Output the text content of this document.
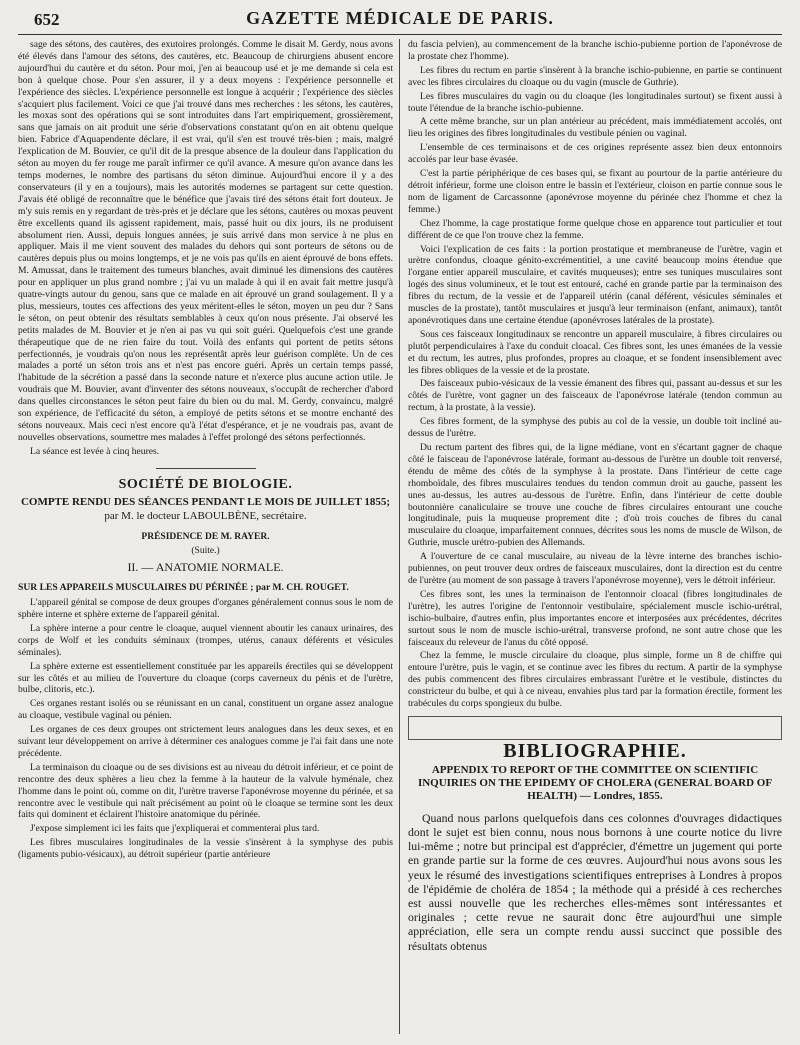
652	GAZETTE MÉDICALE DE PARIS.

sage des sétons, des cautères, des exutoires prolongés. Comme le disait M. Gerdy, nous avons été élevés dans l'amour des sétons, des cautères, etc. Beaucoup de chirurgiens abusent encore aujourd'hui du cautère et du séton. Pour moi, j'en ai beaucoup usé et je me demande si cela est bon à quelque chose. Pour s'en assurer, il y a deux moyens : l'expérience personnelle et l'expérience des siècles. L'expérience personnelle est longue à acquérir ; l'expérience des siècles s'acquiert plus facilement. Voici ce que j'ai trouvé dans mes recherches : les sétons, les cautères, les moxas sont des opérations qui se sont introduites dans l'art empiriquement, grossièrement, sans que jamais on ait produit une série d'observations constatant qu'on en ait obtenu quelque bien. Fabrice d'Aquapendente déclare, il est vrai, qu'il s'en est trouvé très-bien ; mais, malgré l'explication de M. Bouvier, ce qu'il dit de la presque absence de la douleur dans l'application du séton au moyen du fer rouge me paraît infirmer ce qu'il avance. A mesure qu'on avance dans les temps modernes, le nombre des partisans du séton diminue. Aujourd'hui encore il y a des conservateurs (il y en a toujours), mais les autorités modernes se partagent sur cette question. J'avais été obligé de reconnaître que le bénéfice que j'avais tiré des sétons était fort douteux. Je m'y suis remis en y regardant de très-près et je déclare que les sétons, cautères ou moxas peuvent être excellents quand ils agissent rapidement, mais, passé huit ou dix jours, ils ne produisent absolument rien. Aussi, depuis longues années, je suis arrivé dans mon service à ne plus en appliquer. Mais il me vient souvent des malades du dehors qui sont porteurs de sétons ou de cautères depuis plus ou moins longtemps, et je ne vois pas qu'ils en aient éprouvé de bons effets. M. Amussat, dans le traitement des tumeurs blanches, avait diminué les dimensions des cautères pour en appliquer un plus grand nombre ; j'ai vu un malade à qui il en avait fait mettre jusqu'à quatre-vingts autour du genou, sans que ce malade en ait éprouvé un grand soulagement. Il y a plus, messieurs, toutes ces affections des yeux méritent-elles le séton, moyen un peu dur ? Sans le séton, on peut obtenir des résultats semblables à ceux qu'on nous présente. J'ai observé les petits malades de M. Bouvier et je n'en ai pas vu qui soit guéri. Quelquefois c'est une grande thérapeutique que de ne rien faire du tout. Voilà des enfants qui portent de petits sétons perfectionnés, je voudrais qu'on nous les représentât après leur guérison complète. Un de ces malades a porté un séton trois ans et n'est pas encore guéri. Après un certain temps passé, l'habitude de la sécrétion a passé dans la seconde nature et n'exerce plus aucune action utile. Je voudrais que M. Bouvier, avant d'inventer des sétons nouveaux, s'occupât de rechercher d'abord dans quelles circonstances le séton peut faire du bien ou du mal. M. Gerdy, convaincu, malgré son expérience, de l'efficacité du séton, a employé de petits sétons et se montre enchanté des sétons nouveaux. Mais ceci n'est encore qu'à l'état d'espérance, et je ne voudrais pas, avant de nouvelles observations, soumettre mes malades à l'effet prolongé des sétons perfectionnés.

La séance est levée à cinq heures.

SOCIÉTÉ DE BIOLOGIE.
COMPTE RENDU DES SÉANCES PENDANT LE MOIS DE JUILLET 1855;
par M. le docteur LABOULBÈNE, secrétaire.
PRÉSIDENCE DE M. RAYER.
(Suite.)
II. — ANATOMIE NORMALE.
SUR LES APPAREILS MUSCULAIRES DU PÉRINÉE ; par M. CH. ROUGET.

L'appareil génital se compose de deux groupes d'organes généralement connus sous le nom de sphère interne et sphère externe de l'appareil génital.

La sphère interne a pour centre le cloaque, auquel viennent aboutir les canaux urinaires, des corps de Wolf et les conduits séminaux (trompes, utérus, canaux déférents et vésicules séminales).

La sphère externe est essentiellement constituée par les appareils érectiles qui se développent sur les côtés et au milieu de l'ouverture du cloaque (corps caverneux du pénis et de l'urètre, bulbe, clitoris, etc.).

Ces organes restant isolés ou se réunissant en un canal, constituent un organe assez analogue au cloaque, vestibule vaginal ou pénien.

Les organes de ces deux groupes ont strictement leurs analogues dans les deux sexes, et en suivant leur développement on arrive à déterminer ces analogues comme je l'ai fait dans une note précédente.

La terminaison du cloaque ou de ses divisions est au niveau du détroit inférieur, et ce point de rencontre des deux sphères a lieu chez la femme à la hauteur de la valvule hyménale, chez l'homme dans le point où, comme on dit, l'urètre traverse l'aponévrose moyenne du périnée, et sa rencontre avec le vestibule qui naît précisément au point où le cloaque se termine sont les deux faits qui dominent et éclairent l'histoire anatomique du périnée.

J'expose simplement ici les faits que j'expliquerai et commenterai plus tard.

Les fibres musculaires longitudinales de la vessie s'insèrent à la symphyse des pubis (ligaments pubio-vésicaux), au détroit supérieur (partie antérieure

du fascia pelvien), au commencement de la branche ischio-pubienne portion de l'aponévrose de la prostate chez l'homme).

Les fibres du rectum en partie s'insèrent à la branche ischio-pubienne, en partie se continuent avec les fibres circulaires du cloaque ou du vagin (muscle de Guthrie).

Les fibres musculaires du vagin ou du cloaque (les longitudinales surtout) se fixent aussi à toute l'étendue de la branche ischio-pubienne.

A cette même branche, sur un plan antérieur au précédent, mais immédiatement accolés, ont lieu les origines des fibres longitudinales du vestibule pénien ou vaginal.

L'ensemble de ces terminaisons et de ces origines représente assez bien deux entonnoirs accolés par leur base évasée.

C'est la partie périphérique de ces bases qui, se fixant au pourtour de la partie antérieure du détroit inférieur, forme une cloison entre le bassin et l'extérieur, cloison en partie connue sous le nom de ligament de Carcassonne (aponévrose moyenne du périnée chez l'homme et chez la femme.)

Chez l'homme, la cage prostatique forme quelque chose en apparence tout particulier et tout différent de ce que l'on trouve chez la femme.

Voici l'explication de ces faits : la portion prostatique et membraneuse de l'urètre, vagin et urètre confondus, cloaque génito-excrémentitiel, a une cavité beaucoup moins étendue que l'organe entier appareil musculaire, et cavités muqueuses); entre ses tuniques musculaires sont logés des sinus volumineux, et le tout est entouré, caché en grande partie par la terminaison des fibres du rectum, de la vessie et de l'appareil utérin (canal déférent, vésicules séminales et muscles de la prostate), tantôt musculaires et jusqu'à leur terminaison (enfant, animaux), tantôt aponévrotiques dans une certaine étendue (aponévroses latérales de la prostate).

Sous ces faisceaux longitudinaux se rencontre un appareil musculaire, à fibres circulaires ou plutôt perpendiculaires à l'axe du conduit cloacal. Ces fibres sont, les unes émanées de la vessie et du rectum, les autres, plus profondes, propres au cloaque, et se fondent insensiblement avec les fibres obliques de la vessie et de la prostate.

Des faisceaux pubio-vésicaux de la vessie émanent des fibres qui, passant au-dessus et sur les côtés de l'urètre, vont gagner un des faisceaux de l'aponévrose latérale (tendon commun au rectum, à la prostate, à la vessie).

Ces fibres forment, de la symphyse des pubis au col de la vessie, un double toit incliné au-dessus de l'urètre.

Du rectum partent des fibres qui, de la ligne médiane, vont en s'écartant gagner de chaque côté le faisceau de l'aponévrose latérale, formant au-dessous de l'urètre un double toit renversé, étendu de même des côtés de la symphyse à la prostate. Dans l'intérieur de cette cage rhomboïdale, des fibres musculaires tendues du tendon commun droit au gauche, passent les unes au-dessus, les autres au-dessous de l'urètre. Enfin, dans l'intérieur de cette double boutonnière canaliculaire se trouve une couche de fibres circulaires entourant une couche longitudinale, puis la muqueuse proprement dite ; d'où trois couches de fibres du canal musculaire du cloaque, imparfaitement connues, décrites sous les noms de muscle de Wilson, de Guthrie, muscle urétro-pubien des Allemands.

A l'ouverture de ce canal musculaire, au niveau de la lèvre interne des branches ischio-pubiennes, on peut trouver deux ordres de faisceaux musculaires, dont la direction est du centre de l'urètre (au moment de son passage à travers l'aponévrose moyenne), vers le détroit inférieur.

Ces fibres sont, les unes la terminaison de l'entonnoir cloacal (fibres longitudinales de l'urètre), les autres l'origine de l'entonnoir vestibulaire, spécialement muscle ischio-urétral, ischio-bulbaire, d'autres enfin, plus importantes encore et interposées aux précédentes, décrites surtout sous le nom de muscle ischio-urétral, transverse profond, ne sont autre chose que les faisceaux du releveur de l'anus du côté opposé.

Chez la femme, le muscle circulaire du cloaque, plus simple, forme un 8 de chiffre qui entoure l'urètre, puis le vagin, et se continue avec les fibres du rectum. A partir de la symphyse des pubis commencent des fibres circulaires embrassant l'urètre et le vestibule, distinctes du constricteur du bulbe, et qui à ce niveau, envahies plus tard par la formation érectile, forment les trabécules du corps spongieux du bulbe.

BIBLIOGRAPHIE.
APPENDIX TO REPORT OF THE COMMITTEE ON SCIENTIFIC INQUIRIES ON THE EPIDEMY OF CHOLERA (GENERAL BOARD OF HEALTH) — Londres, 1855.

Quand nous parlons quelquefois dans ces colonnes d'ouvrages didactiques dont le sujet est bien connu, nous nous bornons à une courte notice du livre lui-même ; notre but principal est d'apprécier, d'émettre un jugement qui porte en grande partie sur la forme de ces œuvres. Aujourd'hui nous avons sous les yeux le résumé des investigations scientifiques entreprises à Londres à propos de l'épidémie de choléra de 1854 ; la méthode qui a présidé à ces recherches est aussi nouvelle que les recherches elles-mêmes sont intéressantes et originales ; cette revue ne saurait donc être aujourd'hui une simple appréciation, elle sera un compte rendu aussi succinct que possible des résultats obtenus
